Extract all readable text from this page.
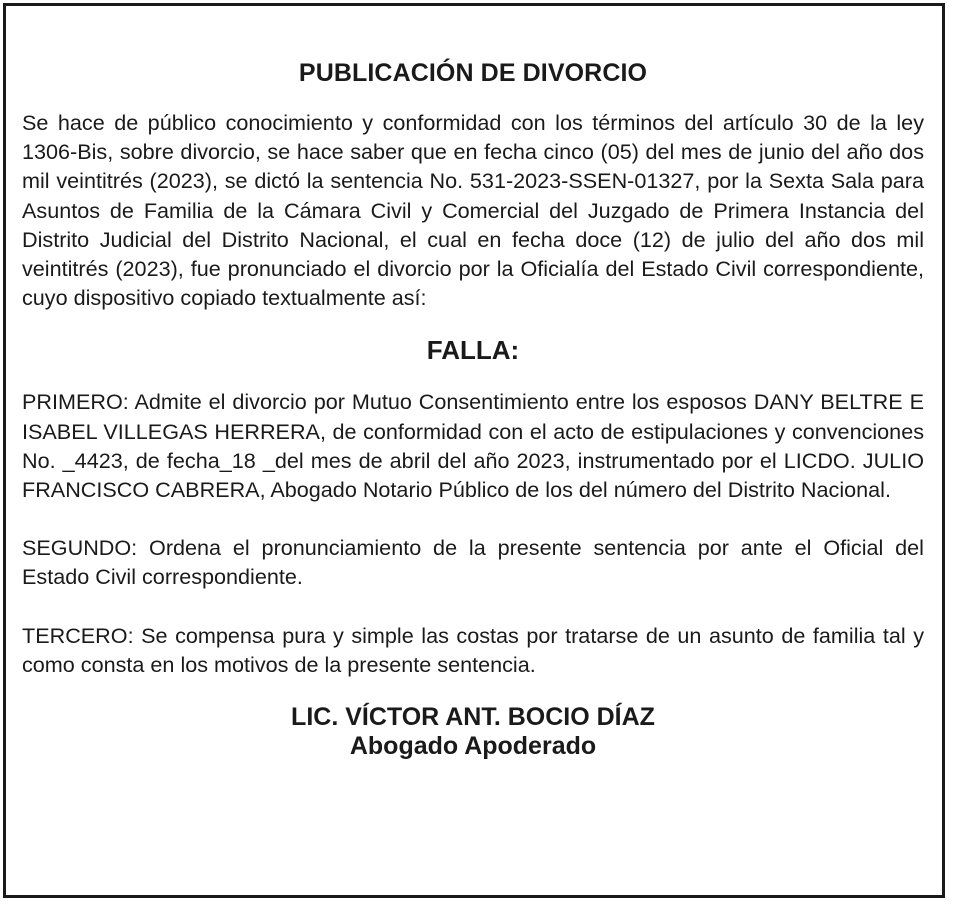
PUBLICACIÓN DE DIVORCIO

Se hace de público conocimiento y conformidad con los términos del artículo 30 de la ley 1306-Bis, sobre divorcio, se hace saber que en fecha cinco (05) del mes de junio del año dos mil veintitrés (2023), se dictó la sentencia No. 531-2023-SSEN-01327, por la Sexta Sala para Asuntos de Familia de la Cámara Civil y Comercial del Juzgado de Primera Instancia del Distrito Judicial del Distrito Nacional, el cual en fecha doce (12) de julio del año dos mil veintitrés (2023), fue pronunciado el divorcio por la Oficialía del Estado Civil correspondiente, cuyo dispositivo copiado textualmente así:

FALLA:

PRIMERO: Admite el divorcio por Mutuo Consentimiento entre los esposos DANY BELTRE E ISABEL VILLEGAS HERRERA, de conformidad con el acto de estipulaciones y convenciones No. _4423, de fecha_18 _del mes de abril del año 2023, instrumentado por el LICDO. JULIO FRANCISCO CABRERA, Abogado Notario Público de los del número del Distrito Nacional.

SEGUNDO: Ordena el pronunciamiento de la presente sentencia por ante el Oficial del Estado Civil correspondiente.

TERCERO: Se compensa pura y simple las costas por tratarse de un asunto de familia tal y como consta en los motivos de la presente sentencia.

LIC. VÍCTOR ANT. BOCIO DÍAZ
Abogado Apoderado
